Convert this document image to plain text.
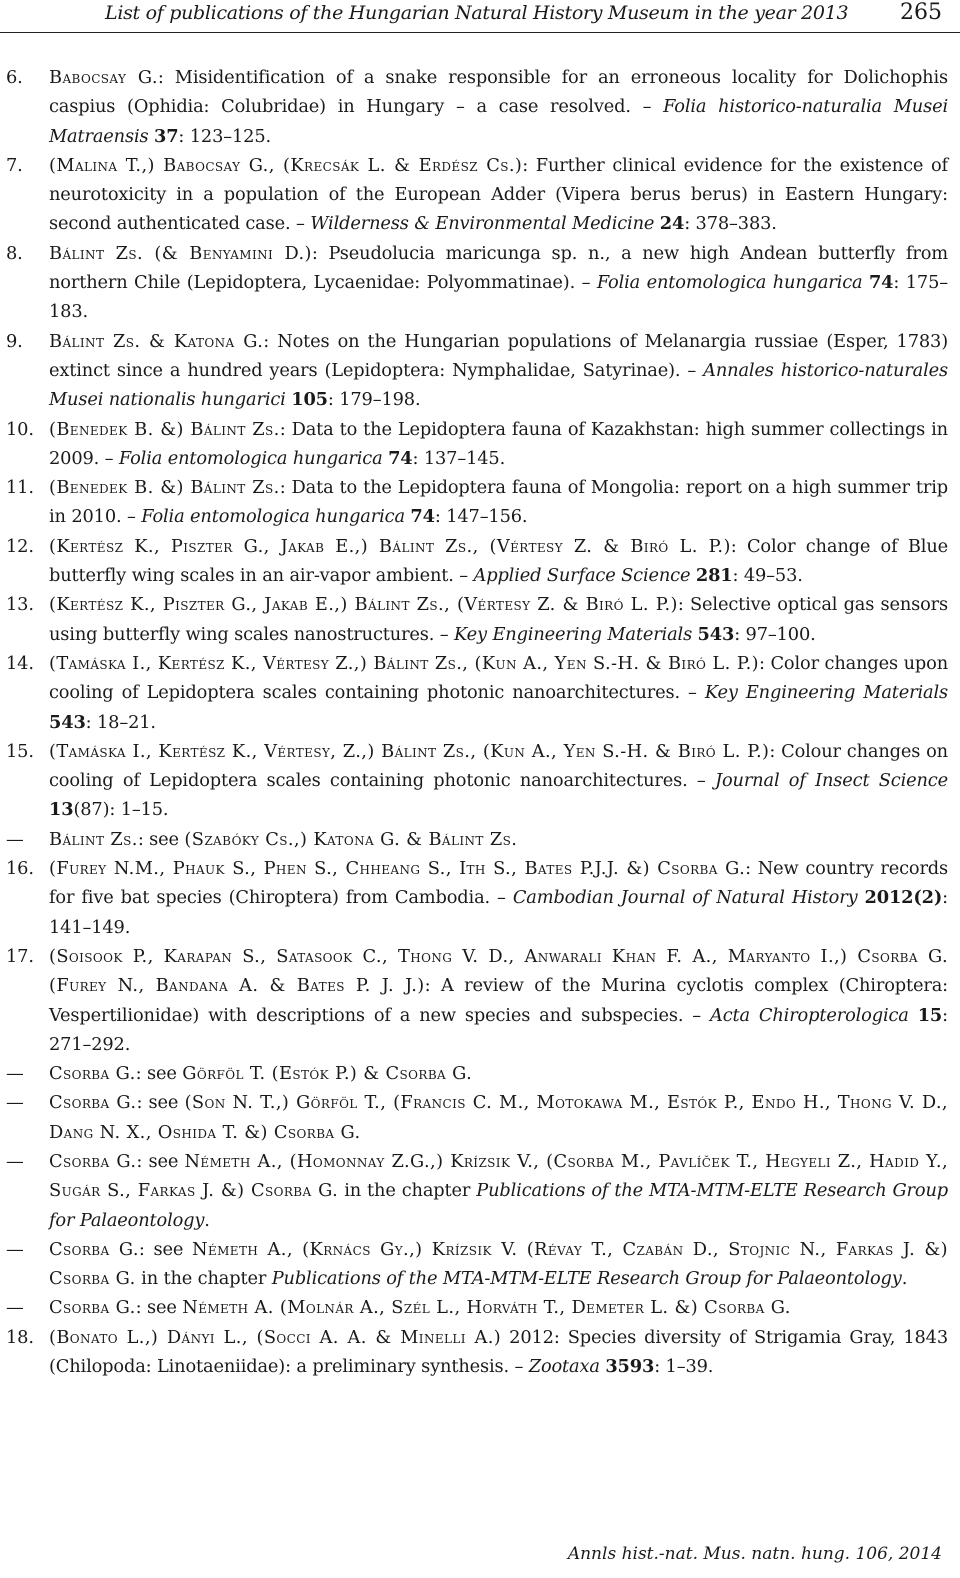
List of publications of the Hungarian Natural History Museum in the year 2013 265
6. Babocsay G.: Misidentification of a snake responsible for an erroneous locality for Dolichophis caspius (Ophidia: Colubridae) in Hungary – a case resolved. – Folia historico-naturalia Musei Matraensis 37: 123–125.
7. (Malina T.,) Babocsay G., (Krecsák L. & Erdész Cs.): Further clinical evidence for the existence of neurotoxicity in a population of the European Adder (Vipera berus berus) in Eastern Hungary: second authenticated case. – Wilderness & Environmental Medicine 24: 378–383.
8. Bálint Zs. (& Benyamini D.): Pseudolucia maricunga sp. n., a new high Andean butterfly from northern Chile (Lepidoptera, Lycaenidae: Polyommatinae). – Folia entomologica hungarica 74: 175–183.
9. Bálint Zs. & Katona G.: Notes on the Hungarian populations of Melanargia russiae (Esper, 1783) extinct since a hundred years (Lepidoptera: Nymphalidae, Satyrinae). – Annales historico-naturales Musei nationalis hungarici 105: 179–198.
10. (Benedek B. &) Bálint Zs.: Data to the Lepidoptera fauna of Kazakhstan: high summer collectings in 2009. – Folia entomologica hungarica 74: 137–145.
11. (Benedek B. &) Bálint Zs.: Data to the Lepidoptera fauna of Mongolia: report on a high summer trip in 2010. – Folia entomologica hungarica 74: 147–156.
12. (Kertész K., Piszter G., Jakab E.,) Bálint Zs., (Vértesy Z. & Biró L. P.): Color change of Blue butterfly wing scales in an air-vapor ambient. – Applied Surface Science 281: 49–53.
13. (Kertész K., Piszter G., Jakab E.,) Bálint Zs., (Vértesy Z. & Biró L. P.): Selective optical gas sensors using butterfly wing scales nanostructures. – Key Engineering Materials 543: 97–100.
14. (Tamáska I., Kertész K., Vértesy Z.,) Bálint Zs., (Kun A., Yen S.-H. & Biró L. P.): Color changes upon cooling of Lepidoptera scales containing photonic nanoarchitectures. – Key Engineering Materials 543: 18–21.
15. (Tamáska I., Kertész K., Vértesy, Z.,) Bálint Zs., (Kun A., Yen S.-H. & Biró L. P.): Colour changes on cooling of Lepidoptera scales containing photonic nanoarchitectures. – Journal of Insect Science 13(87): 1–15.
— Bálint Zs.: see (Szabóky Cs.,) Katona G. & Bálint Zs.
16. (Furey N.M., Phauk S., Phen S., Chheang S., Ith S., Bates P.J.J. &) Csorba G.: New country records for five bat species (Chiroptera) from Cambodia. – Cambodian Journal of Natural History 2012(2): 141–149.
17. (Soisook P., Karapan S., Satasook C., Thong V. D., Anwarali Khan F. A., Maryanto I.,) Csorba G. (Furey N., Bandana A. & Bates P. J. J.): A review of the Murina cyclotis complex (Chiroptera: Vespertilionidae) with descriptions of a new species and subspecies. – Acta Chiropterologica 15: 271–292.
— Csorba G.: see Görföl T. (Estók P.) & Csorba G.
— Csorba G.: see (Son N. T.,) Görföl T., (Francis C. M., Motokawa M., Estók P., Endo H., Thong V. D., Dang N. X., Oshida T. &) Csorba G.
— Csorba G.: see Németh A., (Homonnay Z.G.,) Krízsik V., (Csorba M., Pavlíček T., Hegyeli Z., Hadid Y., Sugár S., Farkas J. &) Csorba G. in the chapter Publications of the MTA-MTM-ELTE Research Group for Palaeontology.
— Csorba G.: see Németh A., (Krnács Gy.,) Krízsik V. (Révay T., Czabán D., Stojnic N., Farkas J. &) Csorba G. in the chapter Publications of the MTA-MTM-ELTE Research Group for Palaeontology.
— Csorba G.: see Németh A. (Molnár A., Szél L., Horváth T., Demeter L. &) Csorba G.
18. (Bonato L.,) Dányi L., (Socci A. A. & Minelli A.) 2012: Species diversity of Strigamia Gray, 1843 (Chilopoda: Linotaeniidae): a preliminary synthesis. – Zootaxa 3593: 1–39.
Annls hist.-nat. Mus. natn. hung. 106, 2014
